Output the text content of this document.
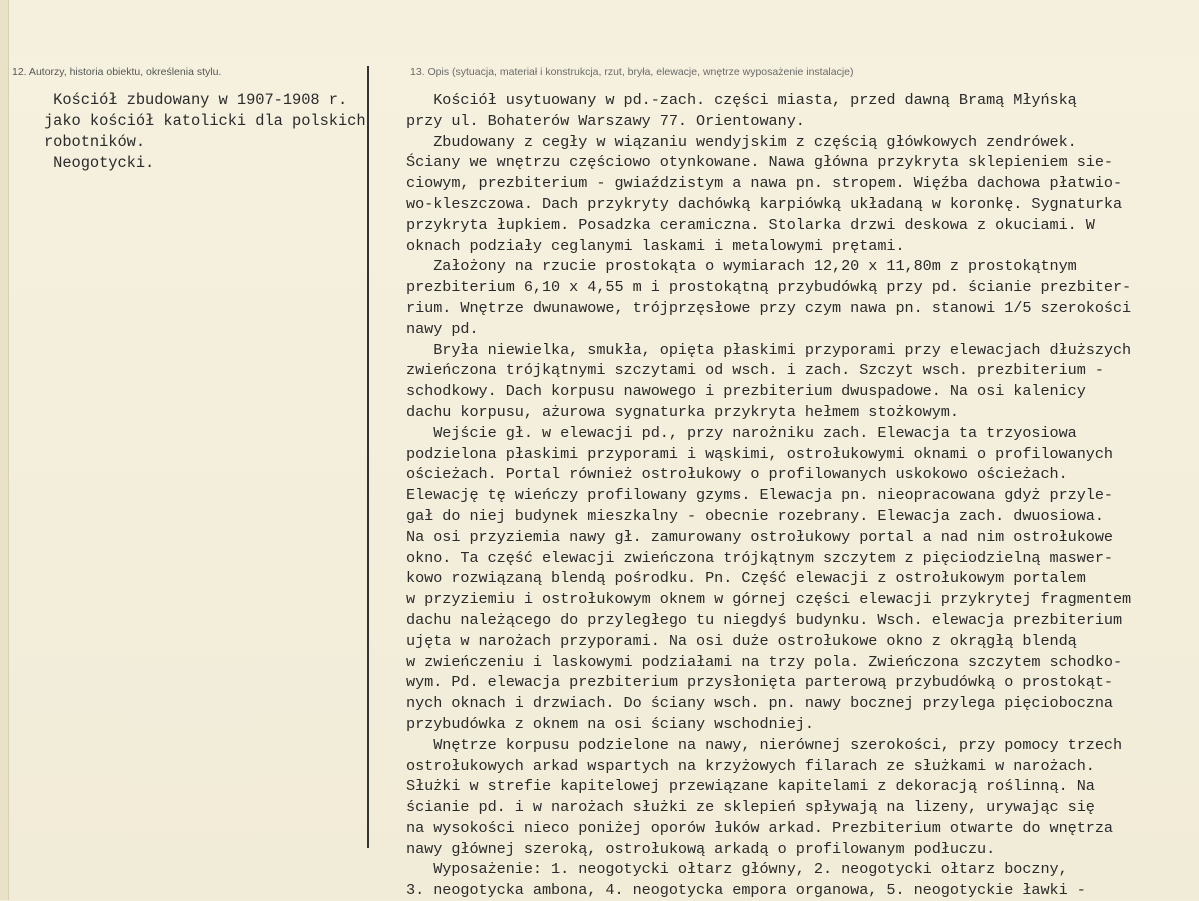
12. Autorzy, historia obiektu, określenia stylu.	13. Opis (sytuacja, materiał i konstrukcja, rzut, bryła, elewacje, wnętrze wyposażenie instalacje)
Kościół zbudowany w 1907-1908 r.
jako kościół katolicki dla polskich
robotników.
Neogotycki.
Kościół usytuowany w pd.-zach. części miasta, przed dawną Bramą Młyńską
przy ul. Bohaterów Warszawy 77. Orientowany.
Zbudowany z cegły w wiązaniu wendyjskim z częścią główkowych zendrówek.
Ściany we wnętrzu częściowo otynkowane. Nawa główna przykryta sklepieniem sie-
ciowym, prezbiterium - gwiaździstym a nawa pn. stropem. Więźba dachowa płatwio-
wo-kleszczowa. Dach przykryty dachówką karpiówką układaną w koronkę. Sygnaturka
przykryta łupkiem. Posadzka ceramiczna. Stolarka drzwi deskowa z okuciami. W
oknach podziały ceglanymi laskami i metalowymi prętami.
Założony na rzucie prostokąta o wymiarach 12,20 x 11,80m z prostokątnym
prezbiterium 6,10 x 4,55 m i prostokątną przybudówką przy pd. ścianie prezbiter-
rium. Wnętrze dwunawowe, trójprzęsłowe przy czym nawa pn. stanowi 1/5 szerokości
nawy pd.
Bryła niewielka, smukła, opięta płaskimi przyporami przy elewacjach dłuższych
zwieńczona trójkątnymi szczytami od wsch. i zach. Szczyt wsch. prezbiterium -
schodkowy. Dach korpusu nawowego i prezbiterium dwuspadowe. Na osi kalenicy
dachu korpusu, ażurowa sygnaturka przykryta hełmem stożkowym.
Wejście gł. w elewacji pd., przy narożniku zach. Elewacja ta trzyosiowa
podzielona płaskimi przyporami i wąskimi, ostrołukowymi oknami o profilowanych
ościeżach. Portal również ostrołukowy o profilowanych uskokowo ościeżach.
Elewację tę wieńczy profilowany gzyms. Elewacja pn. nieopracowana gdyż przyle-
gał do niej budynek mieszkalny - obecnie rozebrany. Elewacja zach. dwuosiowa.
Na osi przyziemia nawy gł. zamurowany ostrołukowy portal a nad nim ostrołukowe
okno. Ta część elewacji zwieńczona trójkątnym szczytem z pięciodzielną maswer-
kowo rozwiązaną blendą pośrodku. Pn. Część elewacji z ostrołukowym portalem
w przyziemiu i ostrołukowym oknem w górnej części elewacji przykrytej fragmentem
dachu należącego do przyległego tu niegdyś budynku. Wsch. elewacja prezbiterium
ujęta w narożach przyporami. Na osi duże ostrołukowe okno z okrągłą blendą
w zwieńczeniu i laskowymi podziałami na trzy pola. Zwieńczona szczytem schodko-
wym. Pd. elewacja prezbiterium przysłonięta parterową przybudówką o prostokąt-
nych oknach i drzwiach. Do ściany wsch. pn. nawy bocznej przylega pięcioboczna
przybudówka z oknem na osi ściany wschodniej.
Wnętrze korpusu podzielone na nawy, nierównej szerokości, przy pomocy trzech
ostrołukowych arkad wspartych na krzyżowych filarach ze służkami w narożach.
Służki w strefie kapitelowej przewiązane kapitelami z dekoracją roślinną. Na
ścianie pd. i w narożach służki ze sklepień spływają na lizeny, urywając się
na wysokości nieco poniżej oporów łuków arkad. Prezbiterium otwarte do wnętrza
nawy głównej szeroką, ostrołukową arkadą o profilowanym podłuczu.
Wyposażenie: 1. neogotycki ołtarz główny, 2. neogotycki ołtarz boczny,
3. neogotycka ambona, 4. neogotycka empora organowa, 5. neogotyckie ławki -
